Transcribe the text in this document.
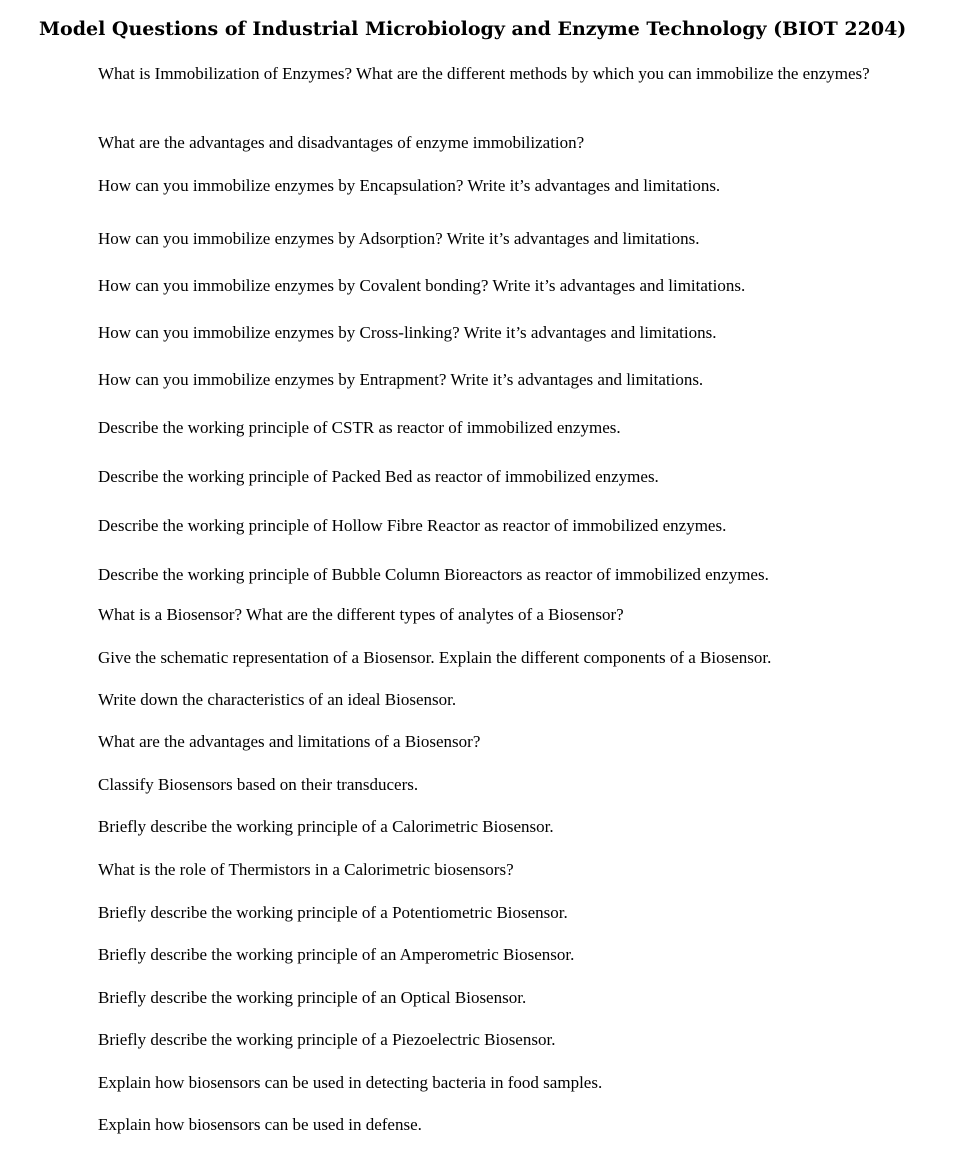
Model Questions of Industrial Microbiology and Enzyme Technology (BIOT 2204)
What is Immobilization of Enzymes? What are the different methods by which you can immobilize the enzymes?
What are the advantages and disadvantages of enzyme immobilization?
How can you immobilize enzymes by Encapsulation? Write it’s advantages and limitations.
How can you immobilize enzymes by Adsorption? Write it’s advantages and limitations.
How can you immobilize enzymes by Covalent bonding? Write it’s advantages and limitations.
How can you immobilize enzymes by Cross-linking? Write it’s advantages and limitations.
How can you immobilize enzymes by Entrapment? Write it’s advantages and limitations.
Describe the working principle of CSTR as reactor of immobilized enzymes.
Describe the working principle of Packed Bed as reactor of immobilized enzymes.
Describe the working principle of Hollow Fibre Reactor as reactor of immobilized enzymes.
Describe the working principle of Bubble Column Bioreactors as reactor of immobilized enzymes.
What is a Biosensor? What are the different types of analytes of a Biosensor?
Give the schematic representation of a Biosensor. Explain the different components of a Biosensor.
Write down the characteristics of an ideal Biosensor.
What are the advantages and limitations of a Biosensor?
Classify Biosensors based on their transducers.
Briefly describe the working principle of a Calorimetric Biosensor.
What is the role of Thermistors in a Calorimetric biosensors?
Briefly describe the working principle of a Potentiometric Biosensor.
Briefly describe the working principle of an Amperometric Biosensor.
Briefly describe the working principle of an Optical Biosensor.
Briefly describe the working principle of a Piezoelectric Biosensor.
Explain how biosensors can be used in detecting bacteria in food samples.
Explain how biosensors can be used in defense.
